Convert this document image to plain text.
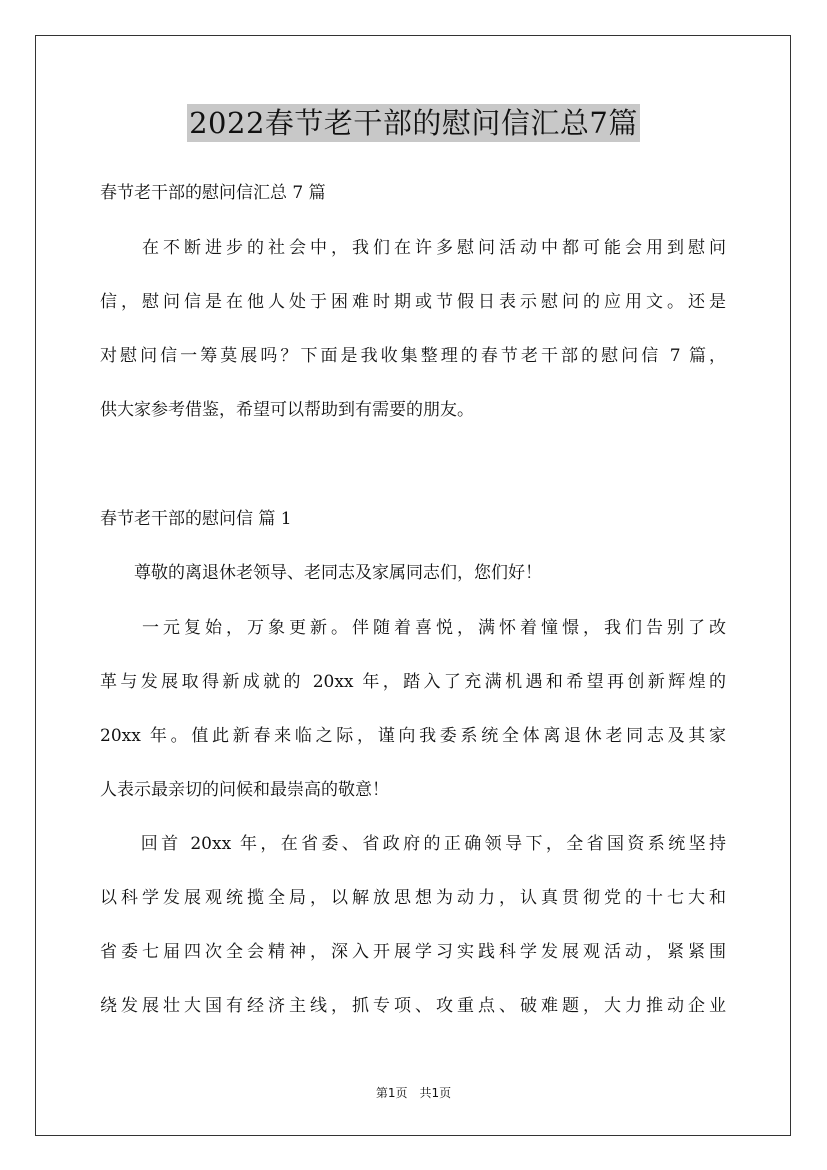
2022春节老干部的慰问信汇总7篇
春节老干部的慰问信汇总 7 篇
　　在不断进步的社会中，我们在许多慰问活动中都可能会用到慰问
信，慰问信是在他人处于困难时期或节假日表示慰问的应用文。还是
对慰问信一筹莫展吗？下面是我收集整理的春节老干部的慰问信 7 篇，
供大家参考借鉴，希望可以帮助到有需要的朋友。
春节老干部的慰问信 篇 1
　　尊敬的离退休老领导、老同志及家属同志们，您们好！
　　一元复始，万象更新。伴随着喜悦，满怀着憧憬，我们告别了改
革与发展取得新成就的 20xx 年，踏入了充满机遇和希望再创新辉煌的
20xx 年。值此新春来临之际，谨向我委系统全体离退休老同志及其家
人表示最亲切的问候和最崇高的敬意！
　　回首 20xx 年，在省委、省政府的正确领导下，全省国资系统坚持
以科学发展观统揽全局，以解放思想为动力，认真贯彻党的十七大和
省委七届四次全会精神，深入开展学习实践科学发展观活动，紧紧围
绕发展壮大国有经济主线，抓专项、攻重点、破难题，大力推动企业
第1页　共1页
